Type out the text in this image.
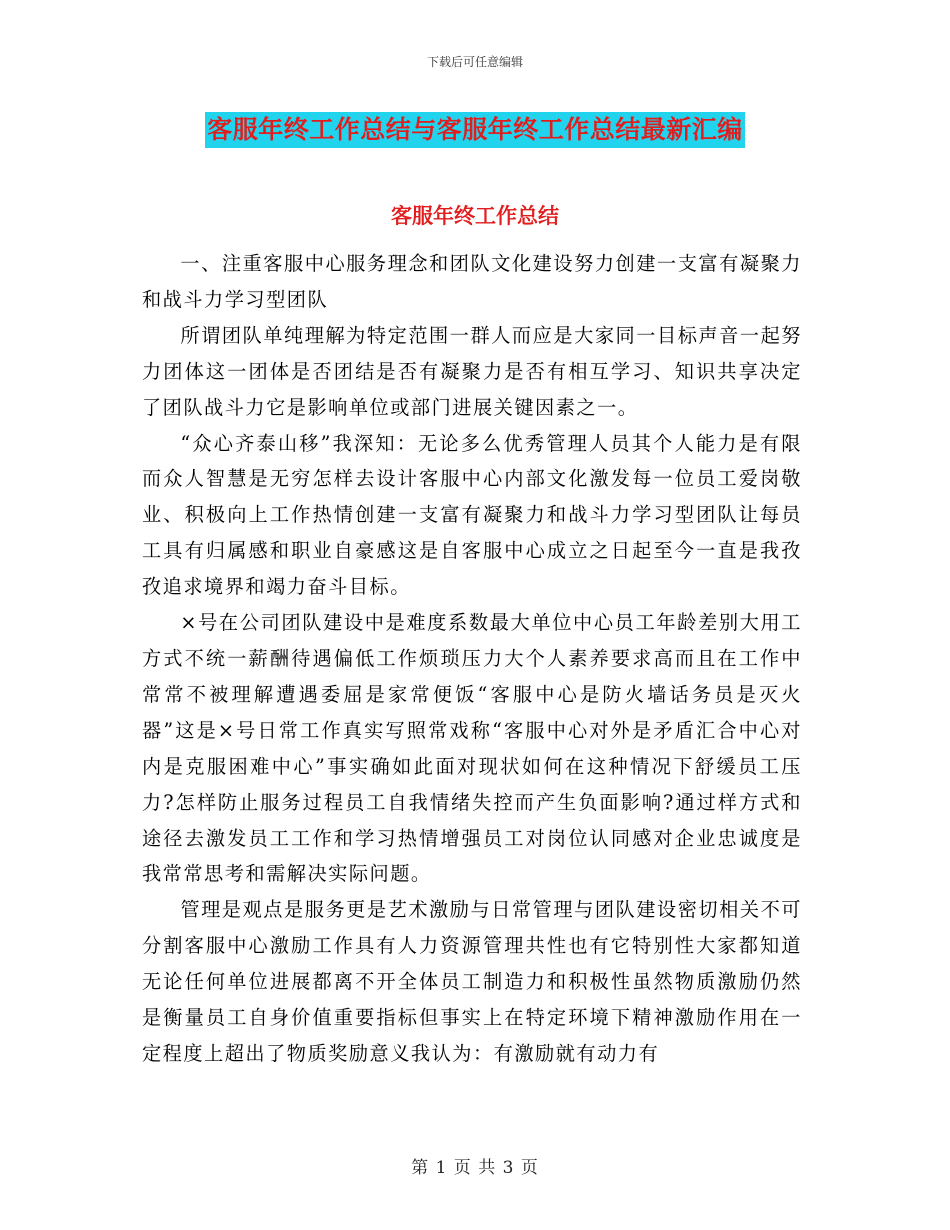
下载后可任意编辑
客服年终工作总结与客服年终工作总结最新汇编
客服年终工作总结

一、注重客服中心服务理念和团队文化建设努力创建一支富有凝聚力和战斗力学习型团队

所谓团队单纯理解为特定范围一群人而应是大家同一目标声音一起努力团体这一团体是否团结是否有凝聚力是否有相互学习、知识共享决定了团队战斗力它是影响单位或部门进展关键因素之一。

“众心齐泰山移”我深知：无论多么优秀管理人员其个人能力是有限而众人智慧是无穷怎样去设计客服中心内部文化激发每一位员工爱岗敬业、积极向上工作热情创建一支富有凝聚力和战斗力学习型团队让每员工具有归属感和职业自豪感这是自客服中心成立之日起至今一直是我孜孜追求境界和竭力奋斗目标。

×号在公司团队建设中是难度系数最大单位中心员工年龄差别大用工方式不统一薪酬待遇偏低工作烦琐压力大个人素养要求高而且在工作中常常不被理解遭遇委屈是家常便饭“客服中心是防火墙话务员是灭火器”这是×号日常工作真实写照常戏称“客服中心对外是矛盾汇合中心对内是克服困难中心”事实确如此面对现状如何在这种情况下舒缓员工压力?怎样防止服务过程员工自我情绪失控而产生负面影响?通过样方式和途径去激发员工工作和学习热情增强员工对岗位认同感对企业忠诚度是我常常思考和需解决实际问题。

管理是观点是服务更是艺术激励与日常管理与团队建设密切相关不可分割客服中心激励工作具有人力资源管理共性也有它特别性大家都知道无论任何单位进展都离不开全体员工制造力和积极性虽然物质激励仍然是衡量员工自身价值重要指标但事实上在特定环境下精神激励作用在一定程度上超出了物质奖励意义我认为：有激励就有动力有

第 1 页 共 3 页
